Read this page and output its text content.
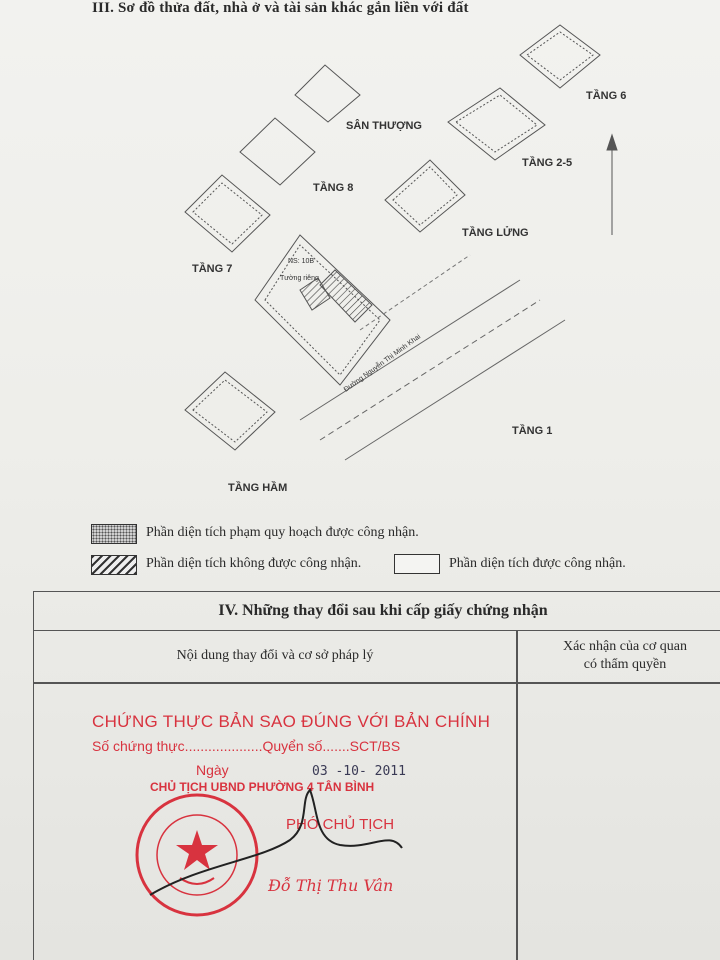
III. Sơ đồ thửa đất, nhà ở và tài sản khác gắn liền với đất
SÂN THƯỢNG
TẦNG 6
TẦNG 2-5
TẦNG 8
TẦNG LỬNG
TẦNG 7
TẦNG 1
TẦNG HẦM
Tường riêng
Đường Nguyễn Thị Minh Khai
NS: 10B
Phần diện tích phạm quy hoạch được công nhận.
Phần diện tích không được công nhận.	Phần diện tích được công nhận.
IV. Những thay đổi sau khi cấp giấy chứng nhận
Nội dung thay đổi và cơ sở pháp lý
Xác nhận của cơ quan
có thẩm quyền
CHỨNG THỰC BẢN SAO ĐÚNG VỚI BẢN CHÍNH
Số chứng thực....................Quyển số.......SCT/BS
Ngày	03 -10- 2011
CHỦ TỊCH UBND PHƯỜNG 4 TÂN BÌNH
PHÓ CHỦ TỊCH
Đỗ Thị Thu Vân
